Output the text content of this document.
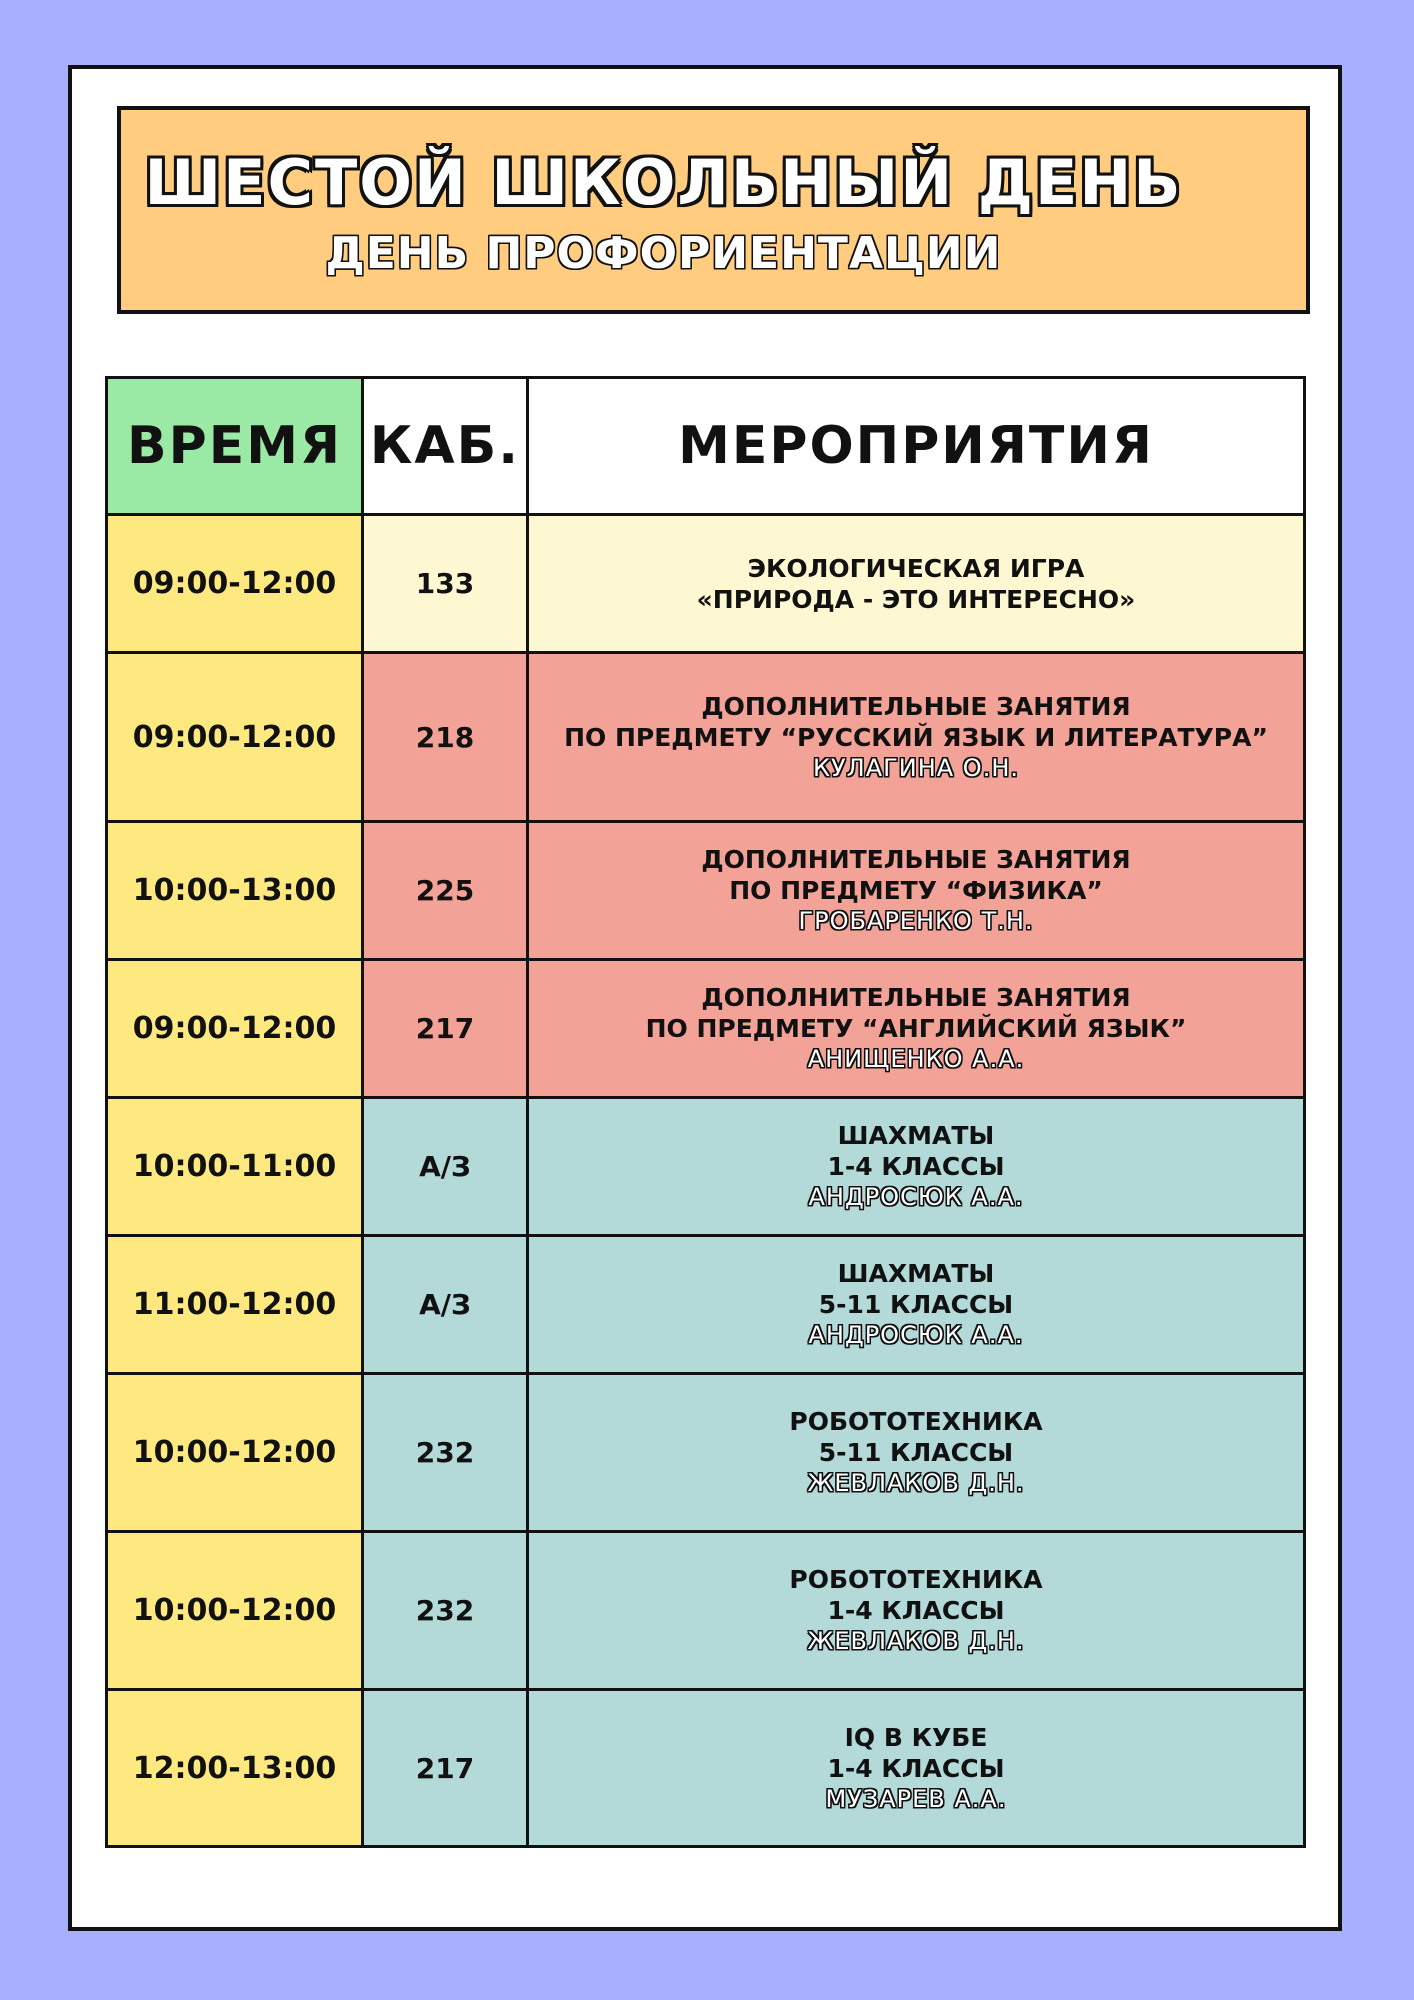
ШЕСТОЙ ШКОЛЬНЫЙ ДЕНЬ
ДЕНЬ ПРОФОРИЕНТАЦИИ
ВРЕМЯ	КАБ.	МЕРОПРИЯТИЯ
09:00-12:00	133	ЭКОЛОГИЧЕСКАЯ ИГРА
«ПРИРОДА - ЭТО ИНТЕРЕСНО»

09:00-12:00	218	ДОПОЛНИТЕЛЬНЫЕ ЗАНЯТИЯ
ПО ПРЕДМЕТУ “РУССКИЙ ЯЗЫК И ЛИТЕРАТУРА”
КУЛАГИНА О.Н.

10:00-13:00	225	ДОПОЛНИТЕЛЬНЫЕ ЗАНЯТИЯ
ПО ПРЕДМЕТУ “ФИЗИКА”
ГРОБАРЕНКО Т.Н.

09:00-12:00	217	ДОПОЛНИТЕЛЬНЫЕ ЗАНЯТИЯ
ПО ПРЕДМЕТУ “АНГЛИЙСКИЙ ЯЗЫК”
АНИЩЕНКО А.А.

10:00-11:00	А/З	ШАХМАТЫ
1-4 КЛАССЫ
АНДРОСЮК А.А.

11:00-12:00	А/З	ШАХМАТЫ
5-11 КЛАССЫ
АНДРОСЮК А.А.

10:00-12:00	232	РОБОТОТЕХНИКА
5-11 КЛАССЫ
ЖЕВЛАКОВ Д.Н.

10:00-12:00	232	РОБОТОТЕХНИКА
1-4 КЛАССЫ
ЖЕВЛАКОВ Д.Н.

12:00-13:00	217	IQ В КУБЕ
1-4 КЛАССЫ
МУЗАРЕВ А.А.
